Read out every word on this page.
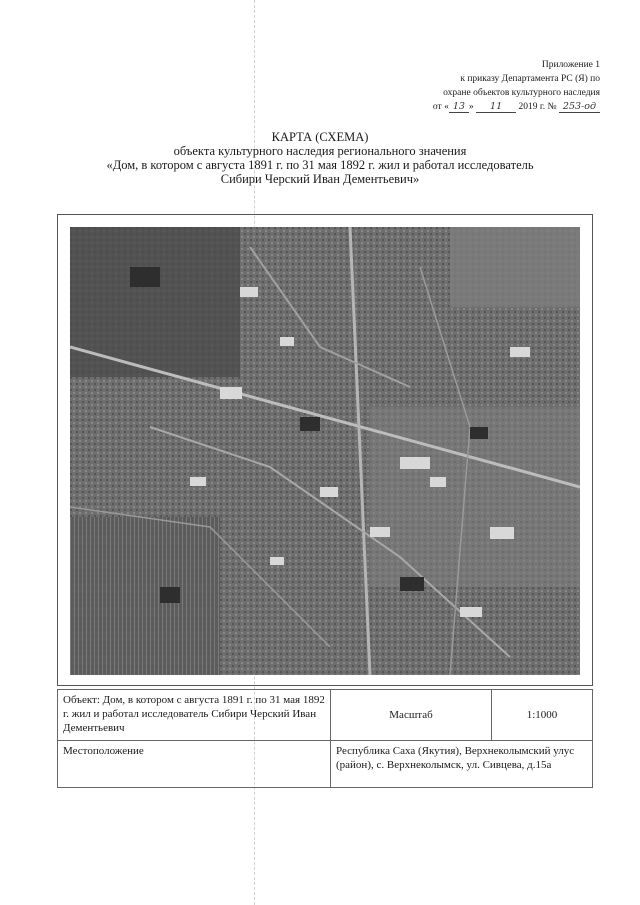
Приложение 1
к приказу Департамента РС (Я) по
охране объектов культурного наследия
от « 13 » 11 2019 г. № 253-од
КАРТА (СХЕМА)
объекта культурного наследия регионального значения
«Дом, в котором с августа 1891 г. по 31 мая 1892 г. жил и работал исследователь
Сибири Черский Иван Дементьевич»
Объект: Дом, в котором с августа 1891 г. по 31 мая 1892 г. жил и работал исследователь Сибири Черский Иван Дементьевич	Масштаб	1:1000
Местоположение	Республика Саха (Якутия), Верхнеколымский улус (район), с. Верхнеколымск, ул. Сивцева, д.15а	
